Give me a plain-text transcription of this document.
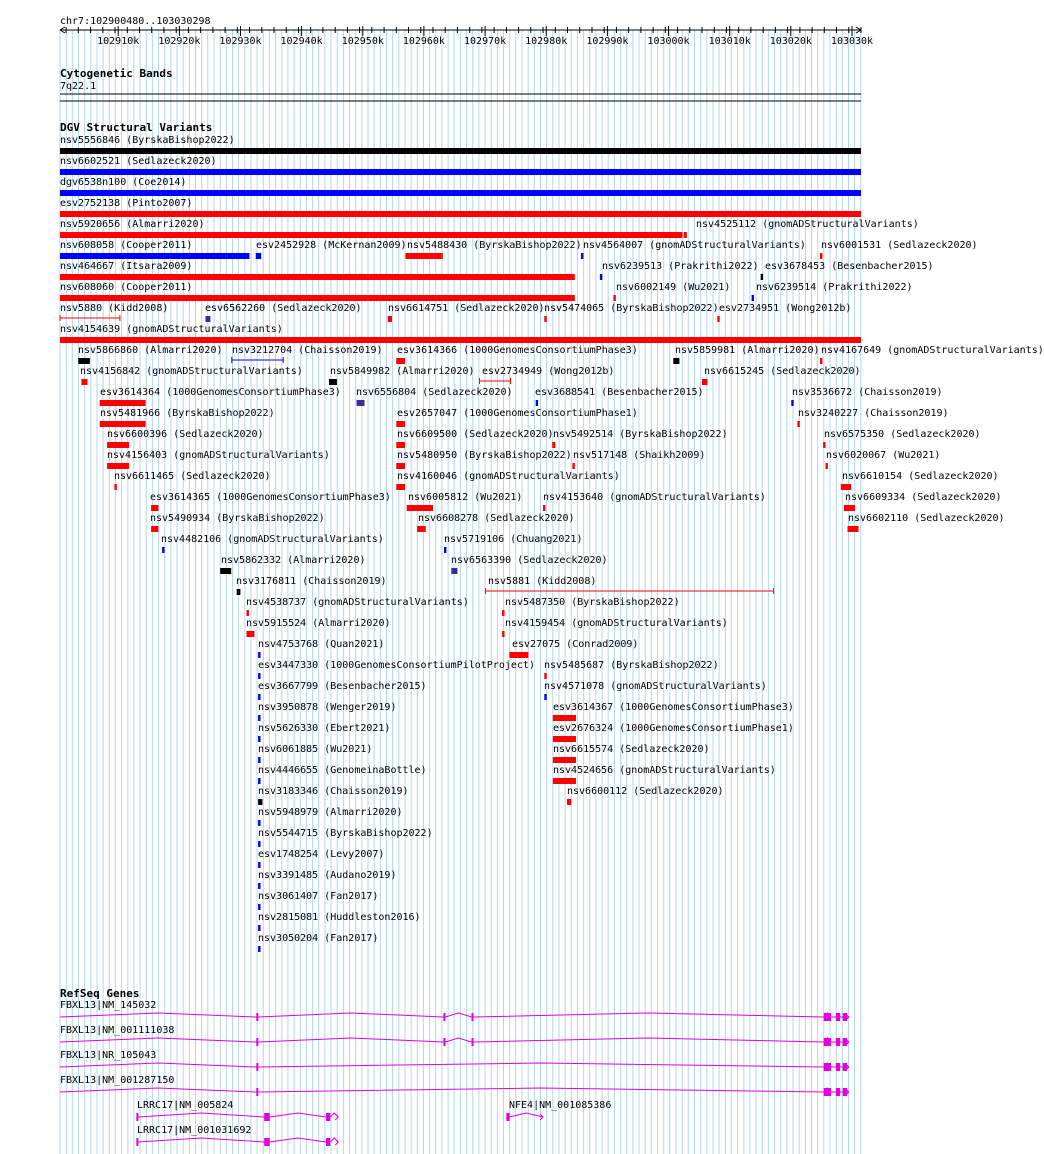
chr7:102900480..103030298
102910k 102920k 102930k 102940k 102950k 102960k 102970k 102980k 102990k 103000k 103010k 103020k 103030k
Cytogenetic Bands
7q22.1
DGV Structural Variants
RefSeq Genes
nsv5556846 (ByrskaBishop2022)
nsv6602521 (Sedlazeck2020)
dgv6538n100 (Coe2014)
esv2752138 (Pinto2007)
nsv5920656 (Almarri2020)	nsv4525112 (gnomADStructuralVariants)
nsv608058 (Cooper2011)	esv2452928 (McKernan2009) nsv5488430 (ByrskaBishop2022) nsv4564007 (gnomADStructuralVariants) nsv6001531 (Sedlazeck2020)
nsv464667 (Itsara2009)	nsv6239513 (Prakrithi2022) esv3678453 (Besenbacher2015)
nsv608060 (Cooper2011)	nsv6002149 (Wu2021)	nsv6239514 (Prakrithi2022)
nsv5880 (Kidd2008)	esv6562260 (Sedlazeck2020)	nsv6614751 (Sedlazeck2020) nsv5474065 (ByrskaBishop2022) esv2734951 (Wong2012b)
nsv4154639 (gnomADStructuralVariants)
nsv5866860 (Almarri2020) nsv3212704 (Chaisson2019) esv3614366 (1000GenomesConsortiumPhase3)	nsv5859981 (Almarri2020) nsv4167649 (gnomADStructuralVariants)
nsv4156842 (gnomADStructuralVariants)	nsv5849982 (Almarri2020) esv2734949 (Wong2012b)	nsv6615245 (Sedlazeck2020)
esv3614364 (1000GenomesConsortiumPhase3) nsv6556804 (Sedlazeck2020) esv3688541 (Besenbacher2015)	nsv3536672 (Chaisson2019)
nsv5481966 (ByrskaBishop2022)	esv2657047 (1000GenomesConsortiumPhase1)	nsv3240227 (Chaisson2019)
nsv6600396 (Sedlazeck2020)	nsv6609500 (Sedlazeck2020) nsv5492514 (ByrskaBishop2022)	nsv6575350 (Sedlazeck2020)
nsv4156403 (gnomADStructuralVariants)	nsv5480950 (ByrskaBishop2022) nsv517148 (Shaikh2009)	nsv6020067 (Wu2021)
nsv6611465 (Sedlazeck2020)	nsv4160046 (gnomADStructuralVariants)	nsv6610154 (Sedlazeck2020)
esv3614365 (1000GenomesConsortiumPhase3) nsv6005812 (Wu2021) nsv4153640 (gnomADStructuralVariants)	nsv6609334 (Sedlazeck2020)
nsv5490934 (ByrskaBishop2022)	nsv6608278 (Sedlazeck2020)	nsv6602110 (Sedlazeck2020)
nsv4482106 (gnomADStructuralVariants)	nsv5719106 (Chuang2021)
nsv5862332 (Almarri2020)	nsv6563390 (Sedlazeck2020)
nsv3176811 (Chaisson2019)	nsv5881 (Kidd2008)
nsv4538737 (gnomADStructuralVariants)	nsv5487350 (ByrskaBishop2022)
nsv5915524 (Almarri2020)	nsv4159454 (gnomADStructuralVariants)
nsv4753768 (Quan2021)	esv27075 (Conrad2009)
esv3447330 (1000GenomesConsortiumPilotProject) nsv5485687 (ByrskaBishop2022)
esv3667799 (Besenbacher2015)	nsv4571078 (gnomADStructuralVariants)
nsv3950878 (Wenger2019)	esv3614367 (1000GenomesConsortiumPhase3)
nsv5626330 (Ebert2021)	esv2676324 (1000GenomesConsortiumPhase1)
nsv6061885 (Wu2021)	nsv6615574 (Sedlazeck2020)
nsv4446655 (GenomeinaBottle)	nsv4524656 (gnomADStructuralVariants)
nsv3183346 (Chaisson2019)	nsv6600112 (Sedlazeck2020)
nsv5948979 (Almarri2020)
nsv5544715 (ByrskaBishop2022)
esv1748254 (Levy2007)
nsv3391485 (Audano2019)
nsv3061407 (Fan2017)
nsv2815081 (Huddleston2016)
nsv3050204 (Fan2017)
FBXL13|NM_145032
FBXL13|NM_001111038
FBXL13|NR_105043
FBXL13|NM_001287150
LRRC17|NM_005824
LRRC17|NM_001031692
NFE4|NM_001085386
